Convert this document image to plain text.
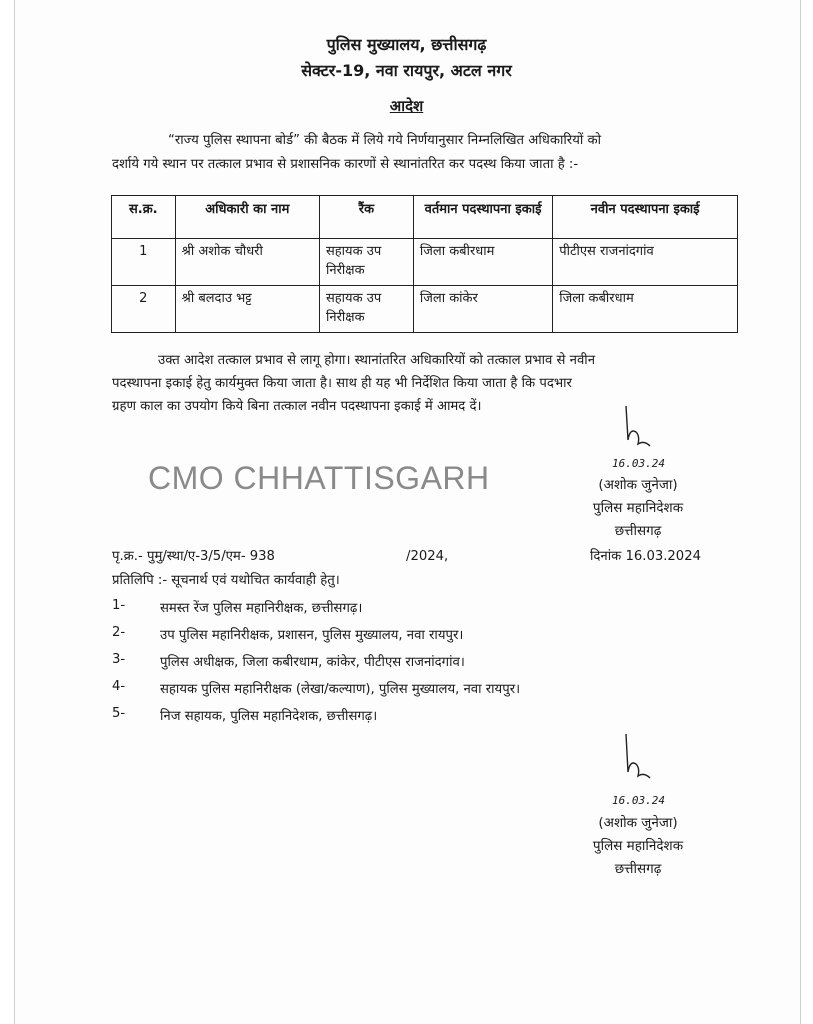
पुलिस मुख्यालय, छत्तीसगढ़
सेक्टर-19, नवा रायपुर, अटल नगर
आदेश
“राज्य पुलिस स्थापना बोर्ड” की बैठक में लिये गये निर्णयानुसार निम्नलिखित अधिकारियों को
दर्शाये गये स्थान पर तत्काल प्रभाव से प्रशासनिक कारणों से स्थानांतरित कर पदस्थ किया जाता है :-
स.क्र.	अधिकारी का नाम	रैंक	वर्तमान पदस्थापना इकाई	नवीन पदस्थापना इकाई
1	श्री अशोक चौधरी	सहायक उप निरीक्षक	जिला कबीरधाम	पीटीएस राजनांदगांव
2	श्री बलदाउ भट्ट	सहायक उप निरीक्षक	जिला कांकेर	जिला कबीरधाम
उक्त आदेश तत्काल प्रभाव से लागू होगा। स्थानांतरित अधिकारियों को तत्काल प्रभाव से नवीन
पदस्थापना इकाई हेतु कार्यमुक्त किया जाता है। साथ ही यह भी निर्देशित किया जाता है कि पदभार
ग्रहण काल का उपयोग किये बिना तत्काल नवीन पदस्थापना इकाई में आमद दें।
CMO CHHATTISGARH	16.03.24
(अशोक जुनेजा)
पुलिस महानिदेशक
छत्तीसगढ़
पृ.क्र.- पुमु/स्था/ए-3/5/एम- 938	/2024,	दिनांक 16.03.2024
प्रतिलिपि :- सूचनार्थ एवं यथोचित कार्यवाही हेतु।
1-	समस्त रेंज पुलिस महानिरीक्षक, छत्तीसगढ़।
2-	उप पुलिस महानिरीक्षक, प्रशासन, पुलिस मुख्यालय, नवा रायपुर।
3-	पुलिस अधीक्षक, जिला कबीरधाम, कांकेर, पीटीएस राजनांदगांव।
4-	सहायक पुलिस महानिरीक्षक (लेखा/कल्याण), पुलिस मुख्यालय, नवा रायपुर।
5-	निज सहायक, पुलिस महानिदेशक, छत्तीसगढ़।
16.03.24
(अशोक जुनेजा)
पुलिस महानिदेशक
छत्तीसगढ़
